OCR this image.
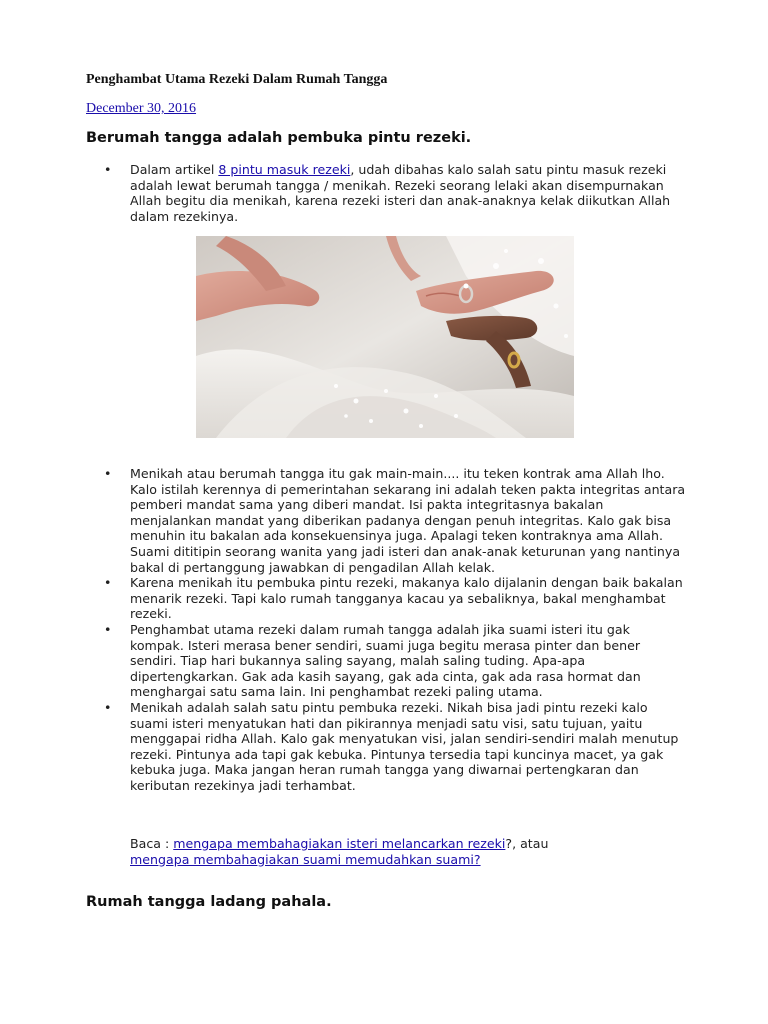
Penghambat Utama Rezeki Dalam Rumah Tangga
December 30, 2016
Berumah tangga adalah pembuka pintu rezeki.
• Dalam artikel 8 pintu masuk rezeki, udah dibahas kalo salah satu pintu masuk rezeki adalah lewat berumah tangga / menikah. Rezeki seorang lelaki akan disempurnakan Allah begitu dia menikah, karena rezeki isteri dan anak-anaknya kelak diikutkan Allah dalam rezekinya.
• Menikah atau berumah tangga itu gak main-main.... itu teken kontrak ama Allah lho. Kalo istilah kerennya di pemerintahan sekarang ini adalah teken pakta integritas antara pemberi mandat sama yang diberi mandat. Isi pakta integritasnya bakalan menjalankan mandat yang diberikan padanya dengan penuh integritas. Kalo gak bisa menuhin itu bakalan ada konsekuensinya juga. Apalagi teken kontraknya ama Allah. Suami dititipin seorang wanita yang jadi isteri dan anak-anak keturunan yang nantinya bakal di pertanggung jawabkan di pengadilan Allah kelak.
• Karena menikah itu pembuka pintu rezeki, makanya kalo dijalanin dengan baik bakalan menarik rezeki. Tapi kalo rumah tangganya kacau ya sebaliknya, bakal menghambat rezeki.
• Penghambat utama rezeki dalam rumah tangga adalah jika suami isteri itu gak kompak. Isteri merasa bener sendiri, suami juga begitu merasa pinter dan bener sendiri. Tiap hari bukannya saling sayang, malah saling tuding. Apa-apa dipertengkarkan. Gak ada kasih sayang, gak ada cinta, gak ada rasa hormat dan menghargai satu sama lain. Ini penghambat rezeki paling utama.
• Menikah adalah salah satu pintu pembuka rezeki. Nikah bisa jadi pintu rezeki kalo suami isteri menyatukan hati dan pikirannya menjadi satu visi, satu tujuan, yaitu menggapai ridha Allah. Kalo gak menyatukan visi, jalan sendiri-sendiri malah menutup rezeki. Pintunya ada tapi gak kebuka. Pintunya tersedia tapi kuncinya macet, ya gak kebuka juga. Maka jangan heran rumah tangga yang diwarnai pertengkaran dan keributan rezekinya jadi terhambat.

Baca : mengapa membahagiakan isteri melancarkan rezeki?, atau
mengapa membahagiakan suami memudahkan suami?

Rumah tangga ladang pahala.
